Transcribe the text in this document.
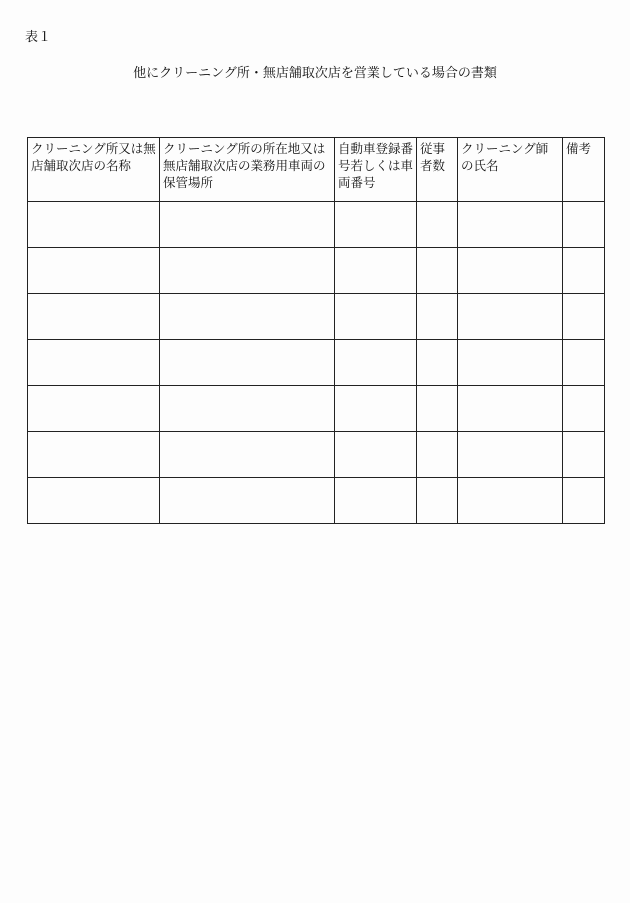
表１
他にクリーニング所・無店舗取次店を営業している場合の書類
クリーニング所又は無店舗取次店の名称	クリーニング所の所在地又は無店舗取次店の業務用車両の保管場所	自動車登録番号若しくは車両番号	従事者数	クリーニング師の氏名	備考
